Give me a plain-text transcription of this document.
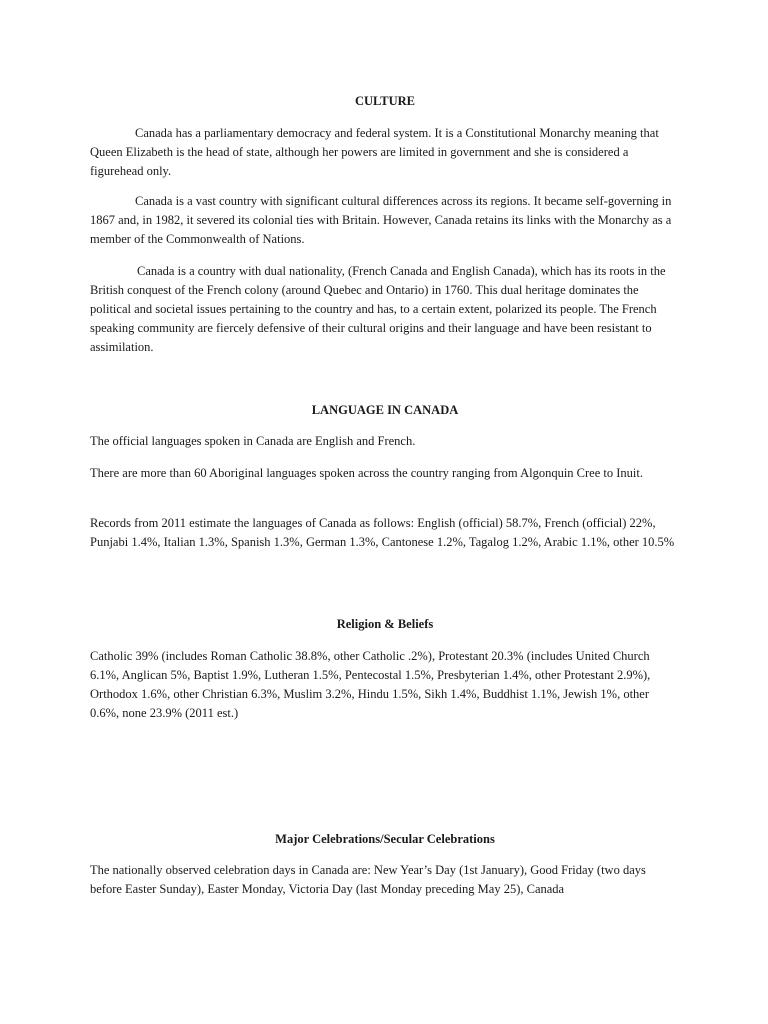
CULTURE

Canada has a parliamentary democracy and federal system. It is a Constitutional Monarchy meaning that Queen Elizabeth is the head of state, although her powers are limited in government and she is considered a figurehead only.

Canada is a vast country with significant cultural differences across its regions. It became self-governing in 1867 and, in 1982, it severed its colonial ties with Britain. However, Canada retains its links with the Monarchy as a member of the Commonwealth of Nations.

Canada is a country with dual nationality, (French Canada and English Canada), which has its roots in the British conquest of the French colony (around Quebec and Ontario) in 1760. This dual heritage dominates the political and societal issues pertaining to the country and has, to a certain extent, polarized its people. The French speaking community are fiercely defensive of their cultural origins and their language and have been resistant to assimilation.

LANGUAGE IN CANADA

The official languages spoken in Canada are English and French.

There are more than 60 Aboriginal languages spoken across the country ranging from Algonquin Cree to Inuit.

Records from 2011 estimate the languages of Canada as follows: English (official) 58.7%, French (official) 22%, Punjabi 1.4%, Italian 1.3%, Spanish 1.3%, German 1.3%, Cantonese 1.2%, Tagalog 1.2%, Arabic 1.1%, other 10.5%

Religion & Beliefs

Catholic 39% (includes Roman Catholic 38.8%, other Catholic .2%), Protestant 20.3% (includes United Church 6.1%, Anglican 5%, Baptist 1.9%, Lutheran 1.5%, Pentecostal 1.5%, Presbyterian 1.4%, other Protestant 2.9%), Orthodox 1.6%, other Christian 6.3%, Muslim 3.2%, Hindu 1.5%, Sikh 1.4%, Buddhist 1.1%, Jewish 1%, other 0.6%, none 23.9% (2011 est.)

Major Celebrations/Secular Celebrations

The nationally observed celebration days in Canada are: New Year’s Day (1st January), Good Friday (two days before Easter Sunday), Easter Monday, Victoria Day (last Monday preceding May 25), Canada
